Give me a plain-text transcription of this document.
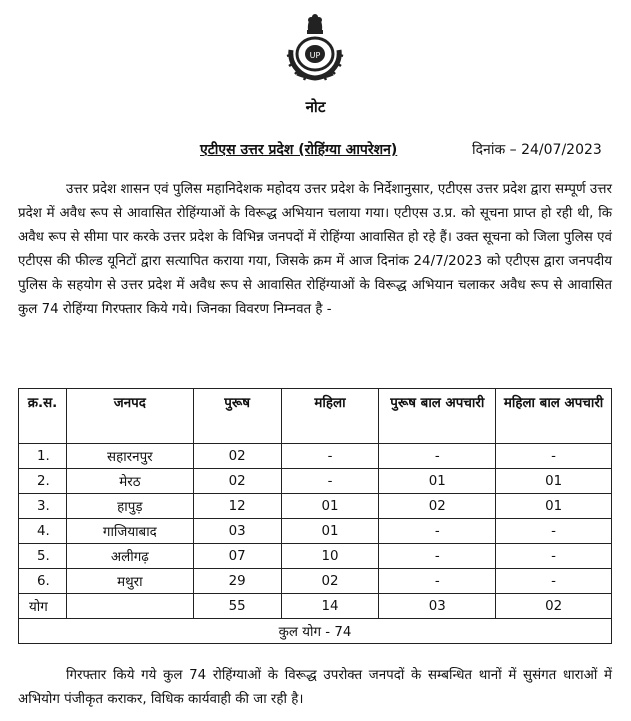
UP
नोट
एटीएस उत्तर प्रदेश (रोहिंग्या आपरेशन)	दिनांक – 24/07/2023
उत्तर प्रदेश शासन एवं पुलिस महानिदेशक महोदय उत्तर प्रदेश के निर्देशानुसार, एटीएस उत्तर प्रदेश द्वारा सम्पूर्ण उत्तर प्रदेश में अवैध रूप से आवासित रोहिंग्याओं के विरूद्ध अभियान चलाया गया। एटीएस उ.प्र. को सूचना प्राप्त हो रही थी, कि अवैध रूप से सीमा पार करके उत्तर प्रदेश के विभिन्न जनपदों में रोहिंग्या आवासित हो रहे हैं। उक्त सूचना को जिला पुलिस एवं एटीएस की फील्ड यूनिटों द्वारा सत्यापित कराया गया, जिसके क्रम में आज दिनांक 24/7/2023 को एटीएस द्वारा जनपदीय पुलिस के सहयोग से उत्तर प्रदेश में अवैध रूप से आवासित रोहिंग्याओं के विरूद्ध अभियान चलाकर अवैध रूप से आवासित कुल 74 रोहिंग्या गिरफ्तार किये गये। जिनका विवरण निम्नवत है -
क्र.स.	जनपद	पुरूष	महिला	पुरूष बाल अपचारी	महिला बाल अपचारी
1.	सहारनपुर	02	-	-	-
2.	मेरठ	02	-	01	01
3.	हापुड़	12	01	02	01
4.	गाजियाबाद	03	01	-	-
5.	अलीगढ़	07	10	-	-
6.	मथुरा	29	02	-	-
योग		55	14	03	02
कुल योग - 74					
गिरफ्तार किये गये कुल 74 रोहिंग्याओं के विरूद्ध उपरोक्त जनपदों के सम्बन्धित थानों में सुसंगत धाराओं में अभियोग पंजीकृत कराकर, विधिक कार्यवाही की जा रही है।
